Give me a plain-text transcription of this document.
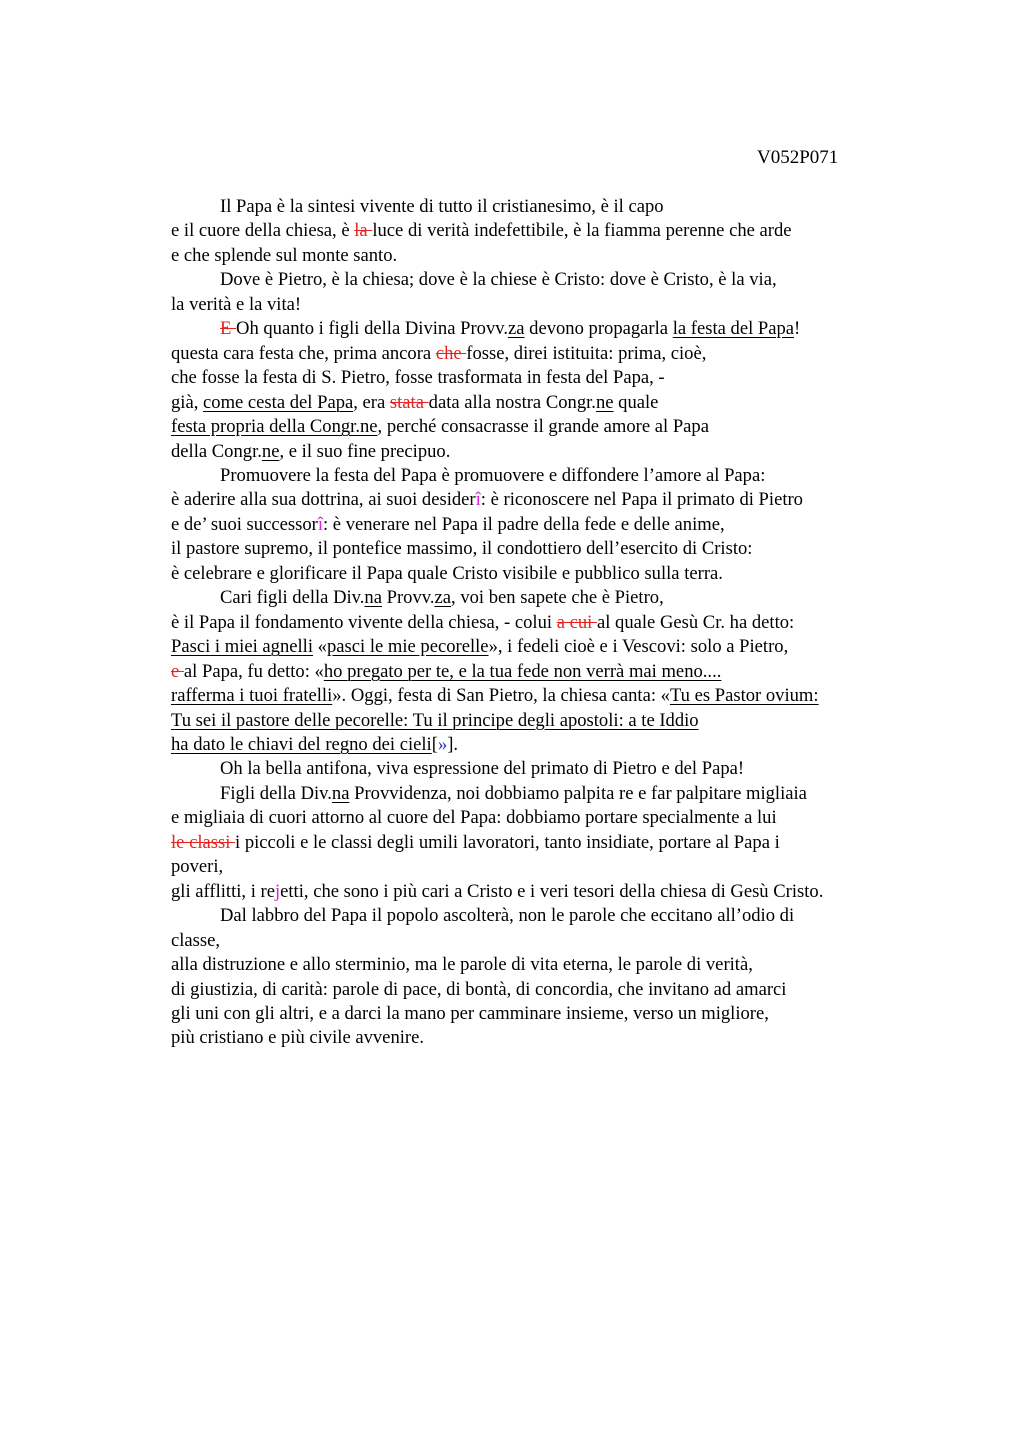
V052P071
Il Papa è la sintesi vivente di tutto il cristianesimo, è il capo
e il cuore della chiesa, è la luce di verità indefettibile, è la fiamma perenne che arde
e che splende sul monte santo.
Dove è Pietro, è la chiesa; dove è la chiese è Cristo: dove è Cristo, è la via,
la verità e la vita!
E Oh quanto i figli della Divina Provv.za devono propagarla la festa del Papa!
questa cara festa che, prima ancora che fosse, direi istituita: prima, cioè,
che fosse la festa di S. Pietro, fosse trasformata in festa del Papa, -
già, come cesta del Papa, era stata data alla nostra Congr.ne quale
festa propria della Congr.ne, perché consacrasse il grande amore al Papa
della Congr.ne, e il suo fine precipuo.
Promuovere la festa del Papa è promuovere e diffondere l’amore al Papa:
è aderire alla sua dottrina, ai suoi desiderî: è riconoscere nel Papa il primato di Pietro
e de’ suoi successorî: è venerare nel Papa il padre della fede e delle anime,
il pastore supremo, il pontefice massimo, il condottiero dell’esercito di Cristo:
è celebrare e glorificare il Papa quale Cristo visibile e pubblico sulla terra.
Cari figli della Div.na Provv.za, voi ben sapete che è Pietro,
è il Papa il fondamento vivente della chiesa, - colui a cui al quale Gesù Cr. ha detto:
Pasci i miei agnelli «pasci le mie pecorelle», i fedeli cioè e i Vescovi: solo a Pietro,
e al Papa, fu detto: «ho pregato per te, e la tua fede non verrà mai meno....
rafferma i tuoi fratelli». Oggi, festa di San Pietro, la chiesa canta: «Tu es Pastor ovium:
Tu sei il pastore delle pecorelle: Tu il principe degli apostoli: a te Iddio
ha dato le chiavi del regno dei cieli[»].
Oh la bella antifona, viva espressione del primato di Pietro e del Papa!
Figli della Div.na Provvidenza, noi dobbiamo palpita re e far palpitare migliaia
e migliaia di cuori attorno al cuore del Papa: dobbiamo portare specialmente a lui
le classi i piccoli e le classi degli umili lavoratori, tanto insidiate, portare al Papa i
poveri,
gli afflitti, i rejetti, che sono i più cari a Cristo e i veri tesori della chiesa di Gesù Cristo.
Dal labbro del Papa il popolo ascolterà, non le parole che eccitano all’odio di
classe,
alla distruzione e allo sterminio, ma le parole di vita eterna, le parole di verità,
di giustizia, di carità: parole di pace, di bontà, di concordia, che invitano ad amarci
gli uni con gli altri, e a darci la mano per camminare insieme, verso un migliore,
più cristiano e più civile avvenire.
